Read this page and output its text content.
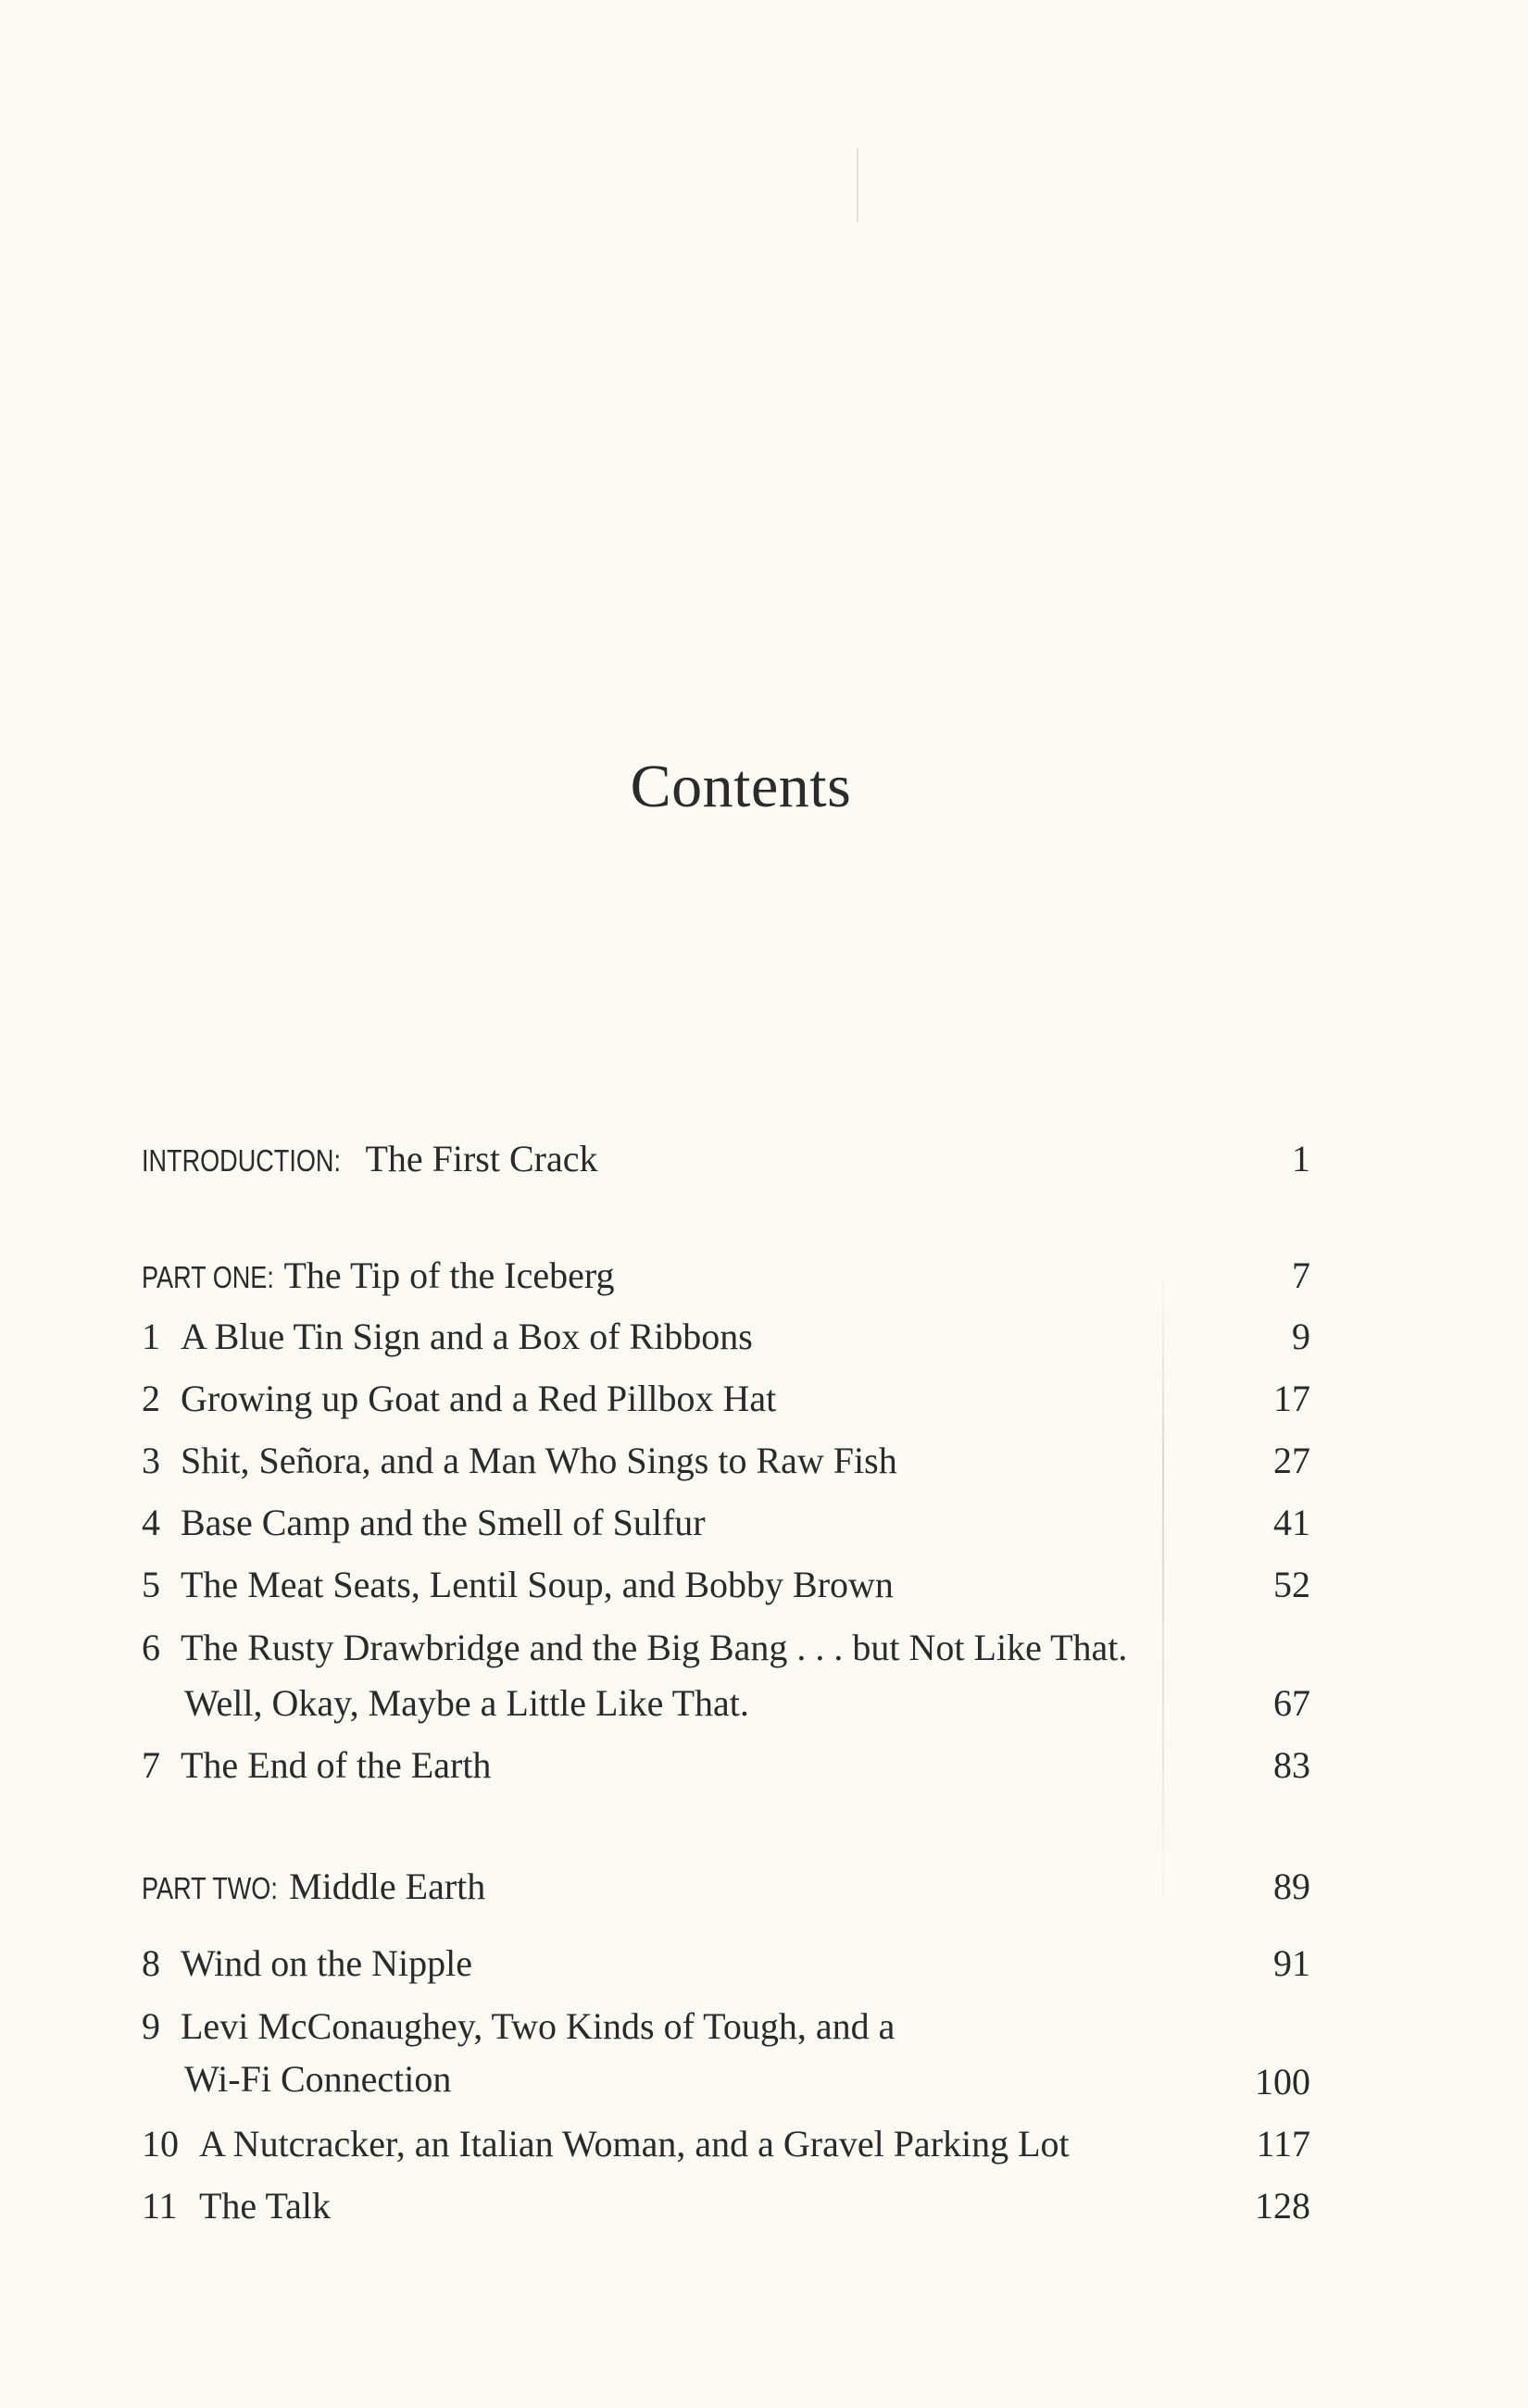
Contents
INTRODUCTION: The First Crack	1
PART ONE: The Tip of the Iceberg	7
1 A Blue Tin Sign and a Box of Ribbons	9
2 Growing up Goat and a Red Pillbox Hat	17
3 Shit, Señora, and a Man Who Sings to Raw Fish	27
4 Base Camp and the Smell of Sulfur	41
5 The Meat Seats, Lentil Soup, and Bobby Brown	52
6 The Rusty Drawbridge and the Big Bang . . . but Not Like That.
Well, Okay, Maybe a Little Like That.	67
7 The End of the Earth	83
PART TWO: Middle Earth	89
8 Wind on the Nipple	91
9 Levi McConaughey, Two Kinds of Tough, and a
Wi-Fi Connection	100
10 A Nutcracker, an Italian Woman, and a Gravel Parking Lot	117
11 The Talk	128
